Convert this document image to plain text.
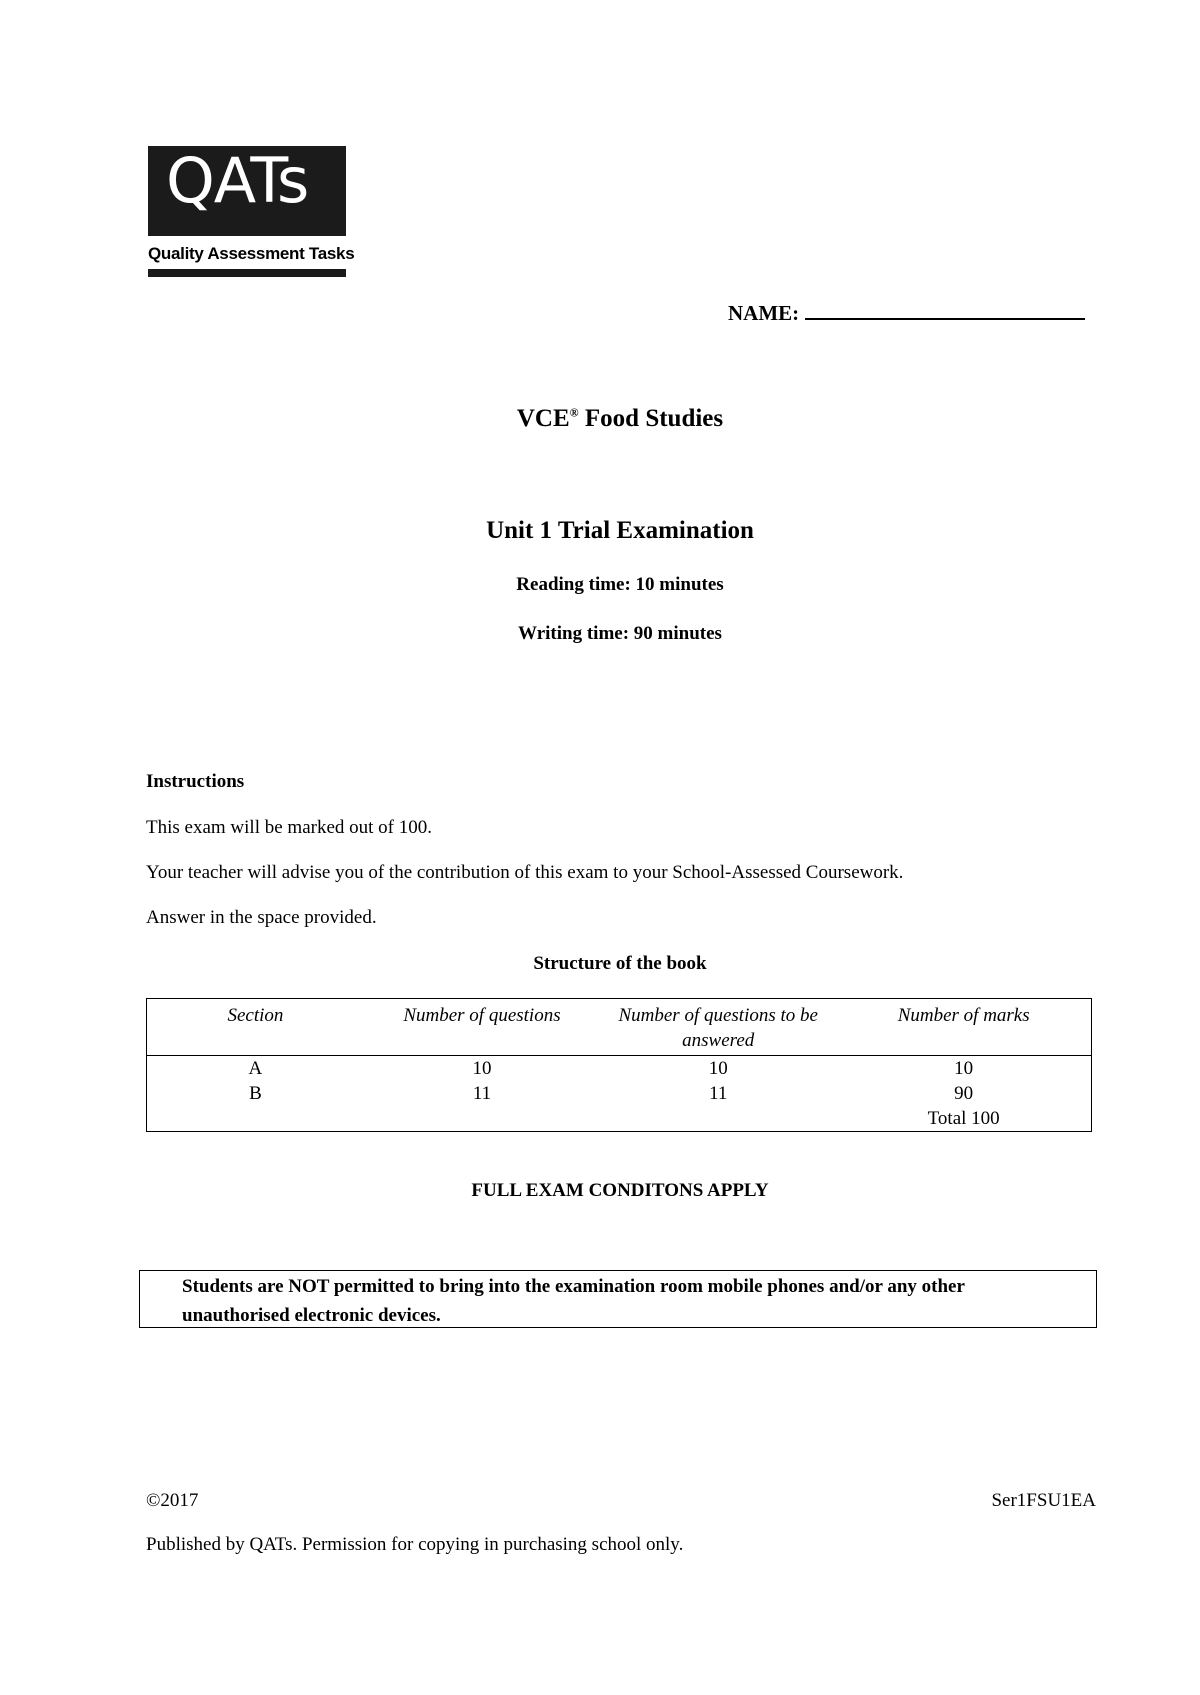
QATs
Quality Assessment Tasks
NAME:
VCE® Food Studies
Unit 1 Trial Examination
Reading time: 10 minutes
Writing time: 90 minutes
Instructions
This exam will be marked out of 100.
Your teacher will advise you of the contribution of this exam to your School-Assessed Coursework.
Answer in the space provided.
Structure of the book
Section	Number of questions	Number of questions to be answered	Number of marks
A	10	10	10
B	11	11	90
			Total 100
FULL EXAM CONDITONS APPLY
Students are NOT permitted to bring into the examination room mobile phones and/or any other unauthorised electronic devices.
©2017	Ser1FSU1EA
Published by QATs. Permission for copying in purchasing school only.
